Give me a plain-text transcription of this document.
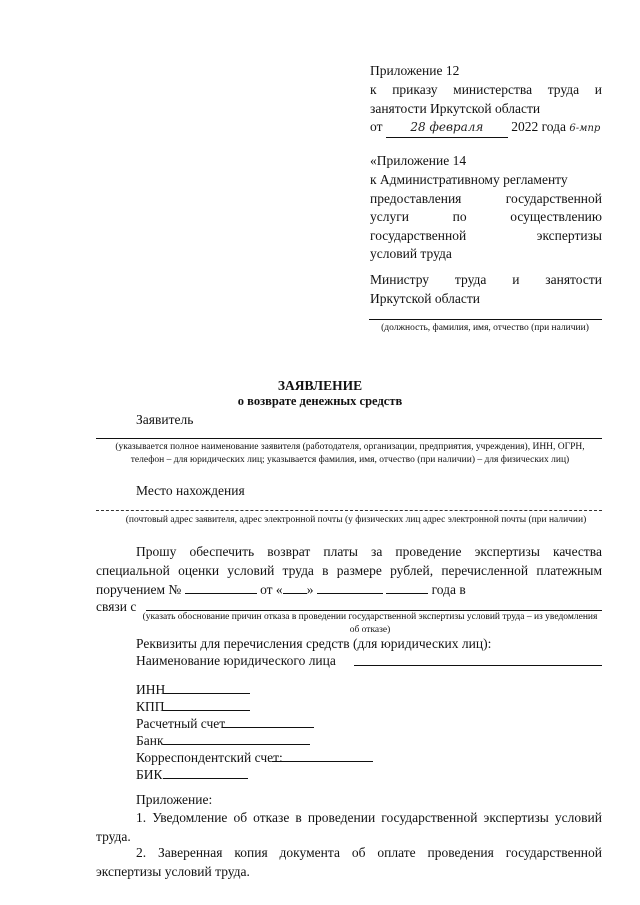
Приложение 12
к приказу министерства труда и
занятости Иркутской области
от 28 февраля 2022 года 6-мпр
«Приложение 14
к Административному регламенту
предоставления государственной
услуги по осуществлению
государственной экспертизы
условий труда
Министру труда и занятости
Иркутской области
(должность, фамилия, имя, отчество (при наличии)
ЗАЯВЛЕНИЕ
о возврате денежных средств
Заявитель
(указывается полное наименование заявителя (работодателя, организации, предприятия, учреждения), ИНН, ОГРН, телефон – для юридических лиц; указывается фамилия, имя, отчество (при наличии) – для физических лиц)
Место нахождения
(почтовый адрес заявителя, адрес электронной почты (у физических лиц адрес электронной почты (при наличии)
Прошу обеспечить возврат платы за проведение экспертизы качества специальной оценки условий труда в размере рублей, перечисленной платежным поручением №	от « »	года в
связи с
(указать обоснование причин отказа в проведении государственной экспертизы условий труда – из уведомления об отказе)
Реквизиты для перечисления средств (для юридических лиц):
Наименование юридического лица
ИНН
КПП
Расчетный счет
Банк
Корреспондентский счет:
БИК
Приложение:
1. Уведомление об отказе в проведении государственной экспертизы условий труда.
2. Заверенная копия документа об оплате проведения государственной экспертизы условий труда.
